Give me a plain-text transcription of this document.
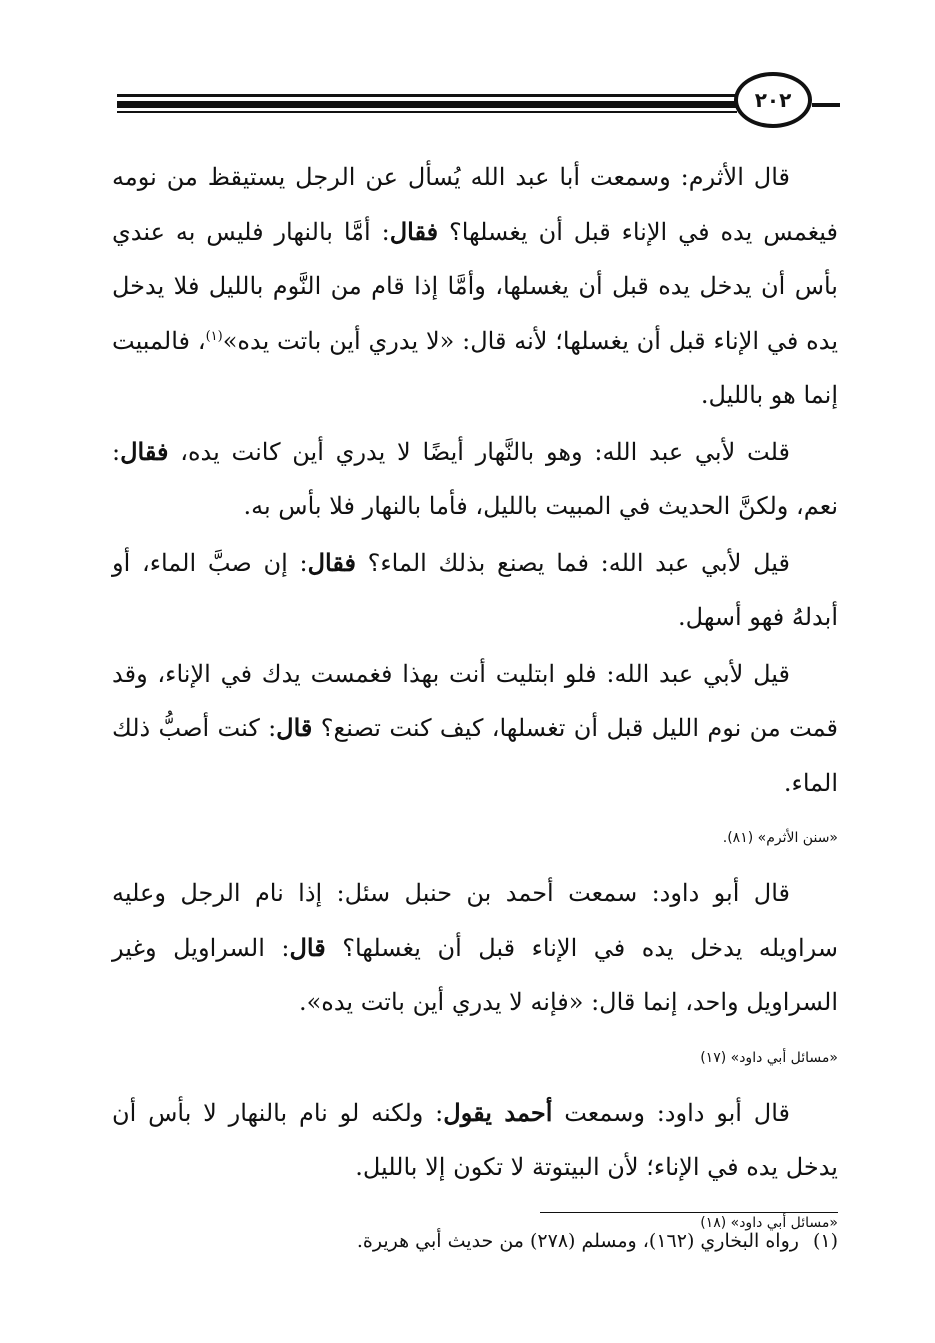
٢٠٢

قال الأثرم: وسمعت أبا عبد الله يُسأل عن الرجل يستيقظ من نومه فيغمس يده في الإناء قبل أن يغسلها؟ فقال: أمَّا بالنهار فليس به عندي بأس أن يدخل يده قبل أن يغسلها، وأمَّا إذا قام من النَّوم بالليل فلا يدخل يده في الإناء قبل أن يغسلها؛ لأنه قال: «لا يدري أين باتت يده»$^{(١)}$، فالمبيت إنما هو بالليل.

قلت لأبي عبد الله: وهو بالنَّهار أيضًا لا يدري أين كانت يده، فقال: نعم، ولكنَّ الحديث في المبيت بالليل، فأما بالنهار فلا بأس به.

قيل لأبي عبد الله: فما يصنع بذلك الماء؟ فقال: إن صبَّ الماء، أو أبدلهُ فهو أسهل.

قيل لأبي عبد الله: فلو ابتليت أنت بهذا فغمست يدك في الإناء، وقد قمت من نوم الليل قبل أن تغسلها، كيف كنت تصنع؟ قال: كنت أصبُّ ذلك الماء.

«سنن الأثرم» (٨١).

قال أبو داود: سمعت أحمد بن حنبل سئل: إذا نام الرجل وعليه سراويله يدخل يده في الإناء قبل أن يغسلها؟ قال: السراويل وغير السراويل واحد، إنما قال: «فإنه لا يدري أين باتت يده».

«مسائل أبي داود» (١٧)

قال أبو داود: وسمعت أحمد يقول: ولكنه لو نام بالنهار لا بأس أن يدخل يده في الإناء؛ لأن البيتوتة لا تكون إلا بالليل.

«مسائل أبي داود» (١٨)
(١)رواه البخاري (١٦٢)، ومسلم (٢٧٨) من حديث أبي هريرة.
